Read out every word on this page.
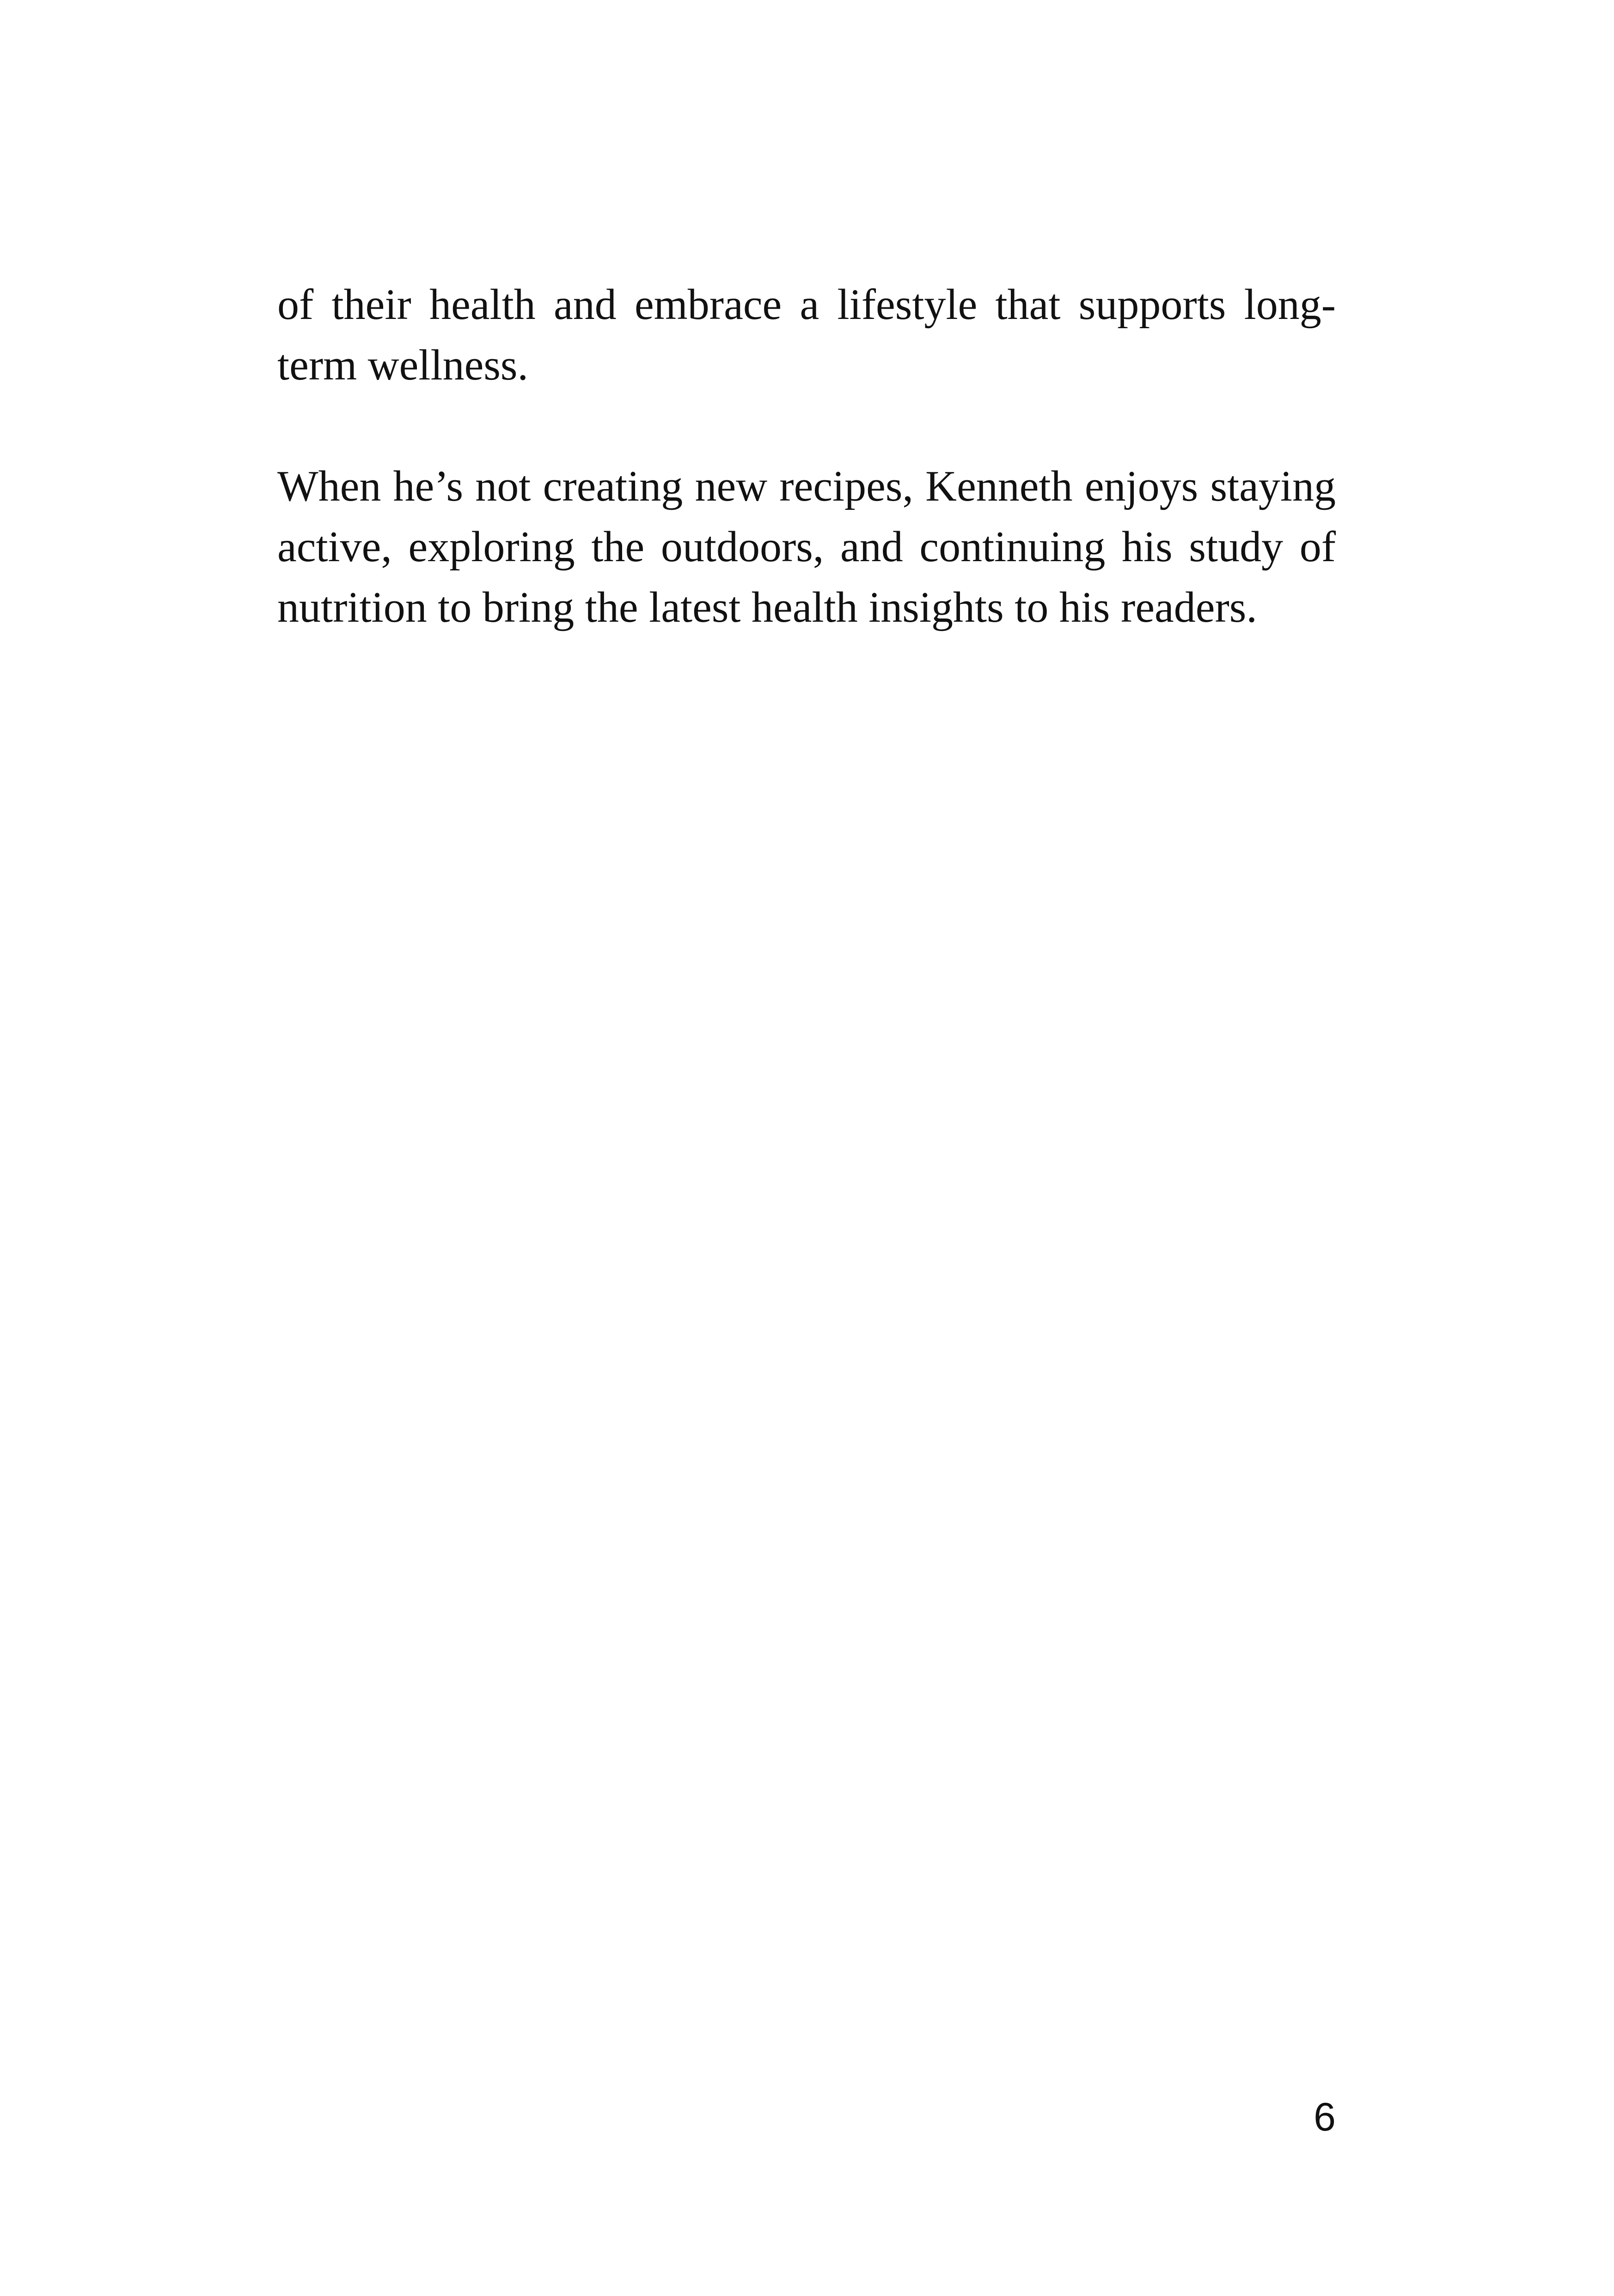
of their health and embrace a lifestyle that supports long-term wellness.

When he’s not creating new recipes, Kenneth enjoys staying active, exploring the outdoors, and continuing his study of nutrition to bring the latest health insights to his readers.

6
